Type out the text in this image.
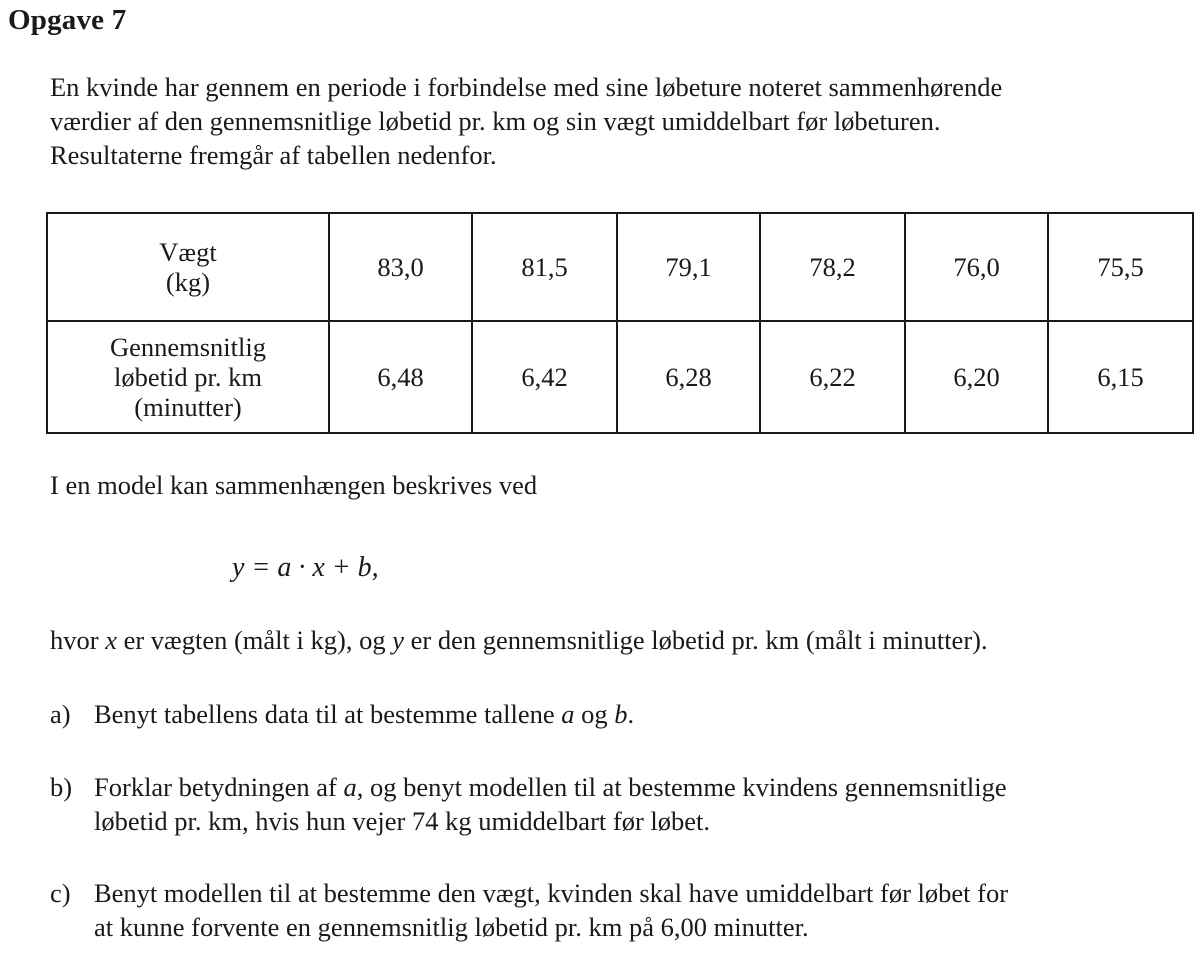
Opgave 7
En kvinde har gennem en periode i forbindelse med sine løbeture noteret sammenhørende
værdier af den gennemsnitlige løbetid pr. km og sin vægt umiddelbart før løbeturen.
Resultaterne fremgår af tabellen nedenfor.
Vægt
(kg)	83,0	81,5	79,1	78,2	76,0	75,5

Gennemsnitlig
løbetid pr. km
(minutter)	6,48	6,42	6,28	6,22	6,20	6,15
I en model kan sammenhængen beskrives ved
y = a · x + b,
hvor x er vægten (målt i kg), og y er den gennemsnitlige løbetid pr. km (målt i minutter).
a) Benyt tabellens data til at bestemme tallene a og b.
b) Forklar betydningen af a, og benyt modellen til at bestemme kvindens gennemsnitlige
løbetid pr. km, hvis hun vejer 74 kg umiddelbart før løbet.
c) Benyt modellen til at bestemme den vægt, kvinden skal have umiddelbart før løbet for
at kunne forvente en gennemsnitlig løbetid pr. km på 6,00 minutter.
